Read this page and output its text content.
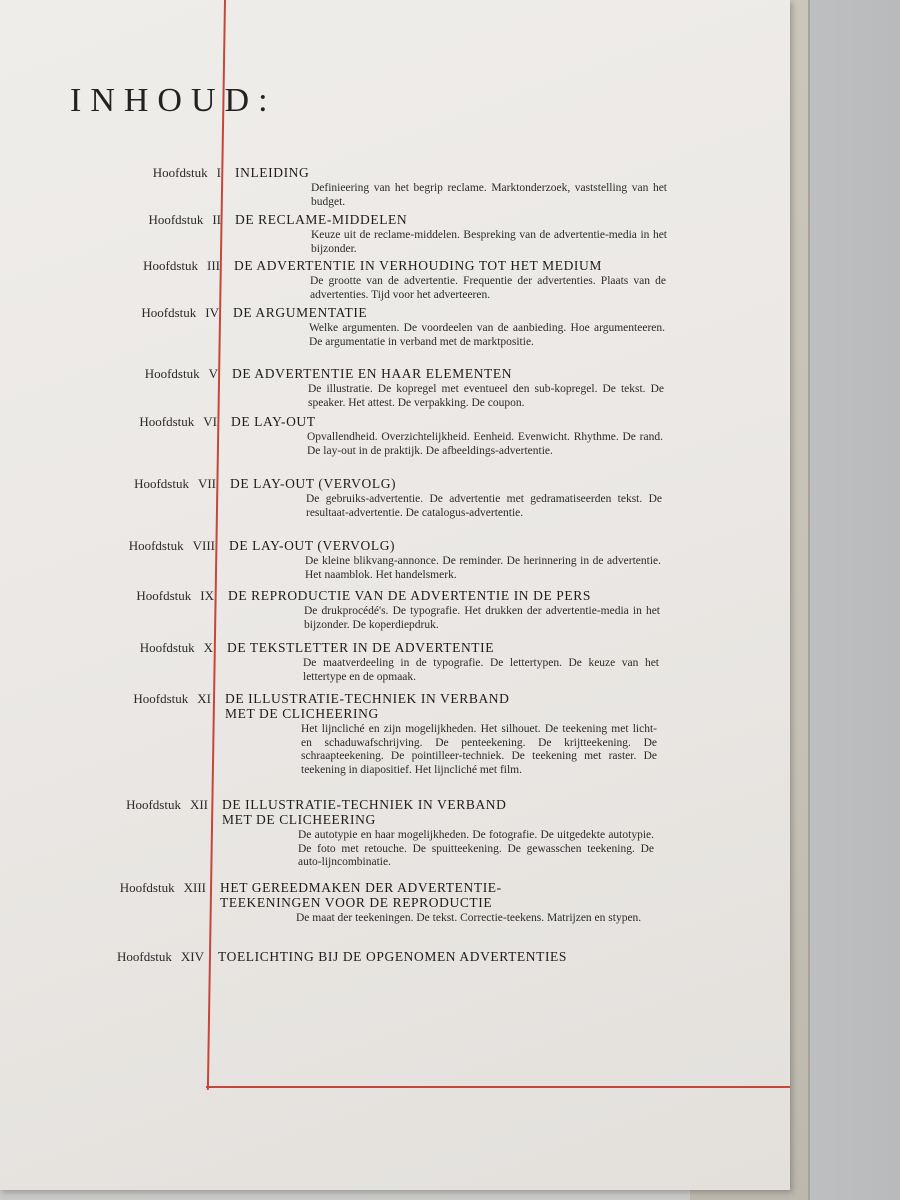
INHOUD:
Hoofdstuk I INLEIDING
Definieering van het begrip reclame. Marktonderzoek, vaststelling van het budget.
Hoofdstuk II DE RECLAME-MIDDELEN
Keuze uit de reclame-middelen. Bespreking van de advertentie-media in het bijzonder.
Hoofdstuk III DE ADVERTENTIE IN VERHOUDING TOT HET MEDIUM
De grootte van de advertentie. Frequentie der advertenties. Plaats van de advertenties. Tijd voor het adverteeren.
Hoofdstuk IV DE ARGUMENTATIE
Welke argumenten. De voordeelen van de aanbieding. Hoe argumenteeren. De argumentatie in verband met de marktpositie.
Hoofdstuk V DE ADVERTENTIE EN HAAR ELEMENTEN
De illustratie. De kopregel met eventueel den sub-kopregel. De tekst. De speaker. Het attest. De verpakking. De coupon.
Hoofdstuk VI DE LAY-OUT
Opvallendheid. Overzichtelijkheid. Eenheid. Evenwicht. Rhythme. De rand. De lay-out in de praktijk. De afbeeldings-advertentie.
Hoofdstuk VII DE LAY-OUT (VERVOLG)
De gebruiks-advertentie. De advertentie met gedramatiseerden tekst. De resultaat-advertentie. De catalogus-advertentie.
Hoofdstuk VIII DE LAY-OUT (VERVOLG)
De kleine blikvang-annonce. De reminder. De herinnering in de advertentie. Het naamblok. Het handelsmerk.
Hoofdstuk IX DE REPRODUCTIE VAN DE ADVERTENTIE IN DE PERS
De drukprocédé's. De typografie. Het drukken der advertentie-media in het bijzonder. De koperdiepdruk.
Hoofdstuk X DE TEKSTLETTER IN DE ADVERTENTIE
De maatverdeeling in de typografie. De lettertypen. De keuze van het lettertype en de opmaak.
Hoofdstuk XI DE ILLUSTRATIE-TECHNIEK IN VERBAND MET DE CLICHEERING
Het lijncliché en zijn mogelijkheden. Het silhouet. De teekening met licht- en schaduwafschrijving. De penteekening. De krijtteekening. De schraapteekening. De pointilleer-techniek. De teekening met raster. De teekening in diapositief. Het lijncliché met film.
Hoofdstuk XII DE ILLUSTRATIE-TECHNIEK IN VERBAND MET DE CLICHEERING
De autotypie en haar mogelijkheden. De fotografie. De uitgedekte autotypie. De foto met retouche. De spuitteekening. De gewasschen teekening. De auto-lijncombinatie.
Hoofdstuk XIII HET GEREEDMAKEN DER ADVERTENTIE-TEEKENINGEN VOOR DE REPRODUCTIE
De maat der teekeningen. De tekst. Correctie-teekens. Matrijzen en stypen.
Hoofdstuk XIV TOELICHTING BIJ DE OPGENOMEN ADVERTENTIES
